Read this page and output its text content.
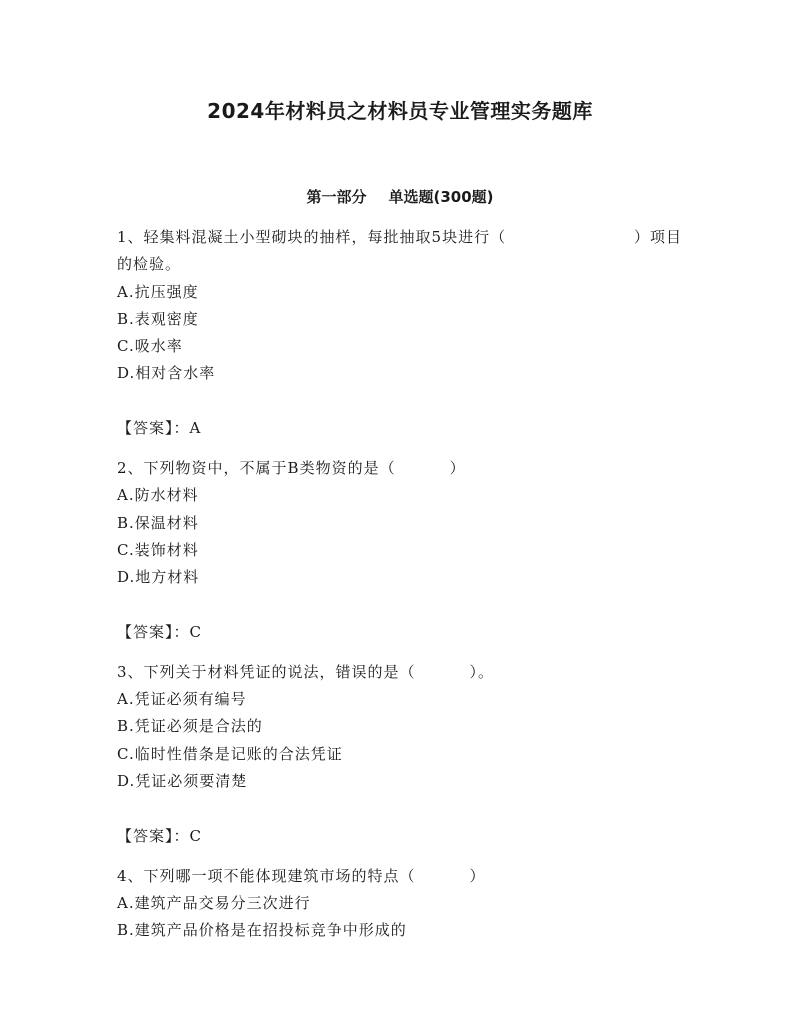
2024年材料员之材料员专业管理实务题库
第一部分 单选题(300题)
1、轻集料混凝土小型砌块的抽样，每批抽取5块进行（	）项目
的检验。
A.抗压强度
B.表观密度
C.吸水率
D.相对含水率
【答案】：A
2、下列物资中，不属于B类物资的是（	）
A.防水材料
B.保温材料
C.装饰材料
D.地方材料
【答案】：C
3、下列关于材料凭证的说法，错误的是（	）。
A.凭证必须有编号
B.凭证必须是合法的
C.临时性借条是记账的合法凭证
D.凭证必须要清楚
【答案】：C
4、下列哪一项不能体现建筑市场的特点（	）
A.建筑产品交易分三次进行
B.建筑产品价格是在招投标竞争中形成的
